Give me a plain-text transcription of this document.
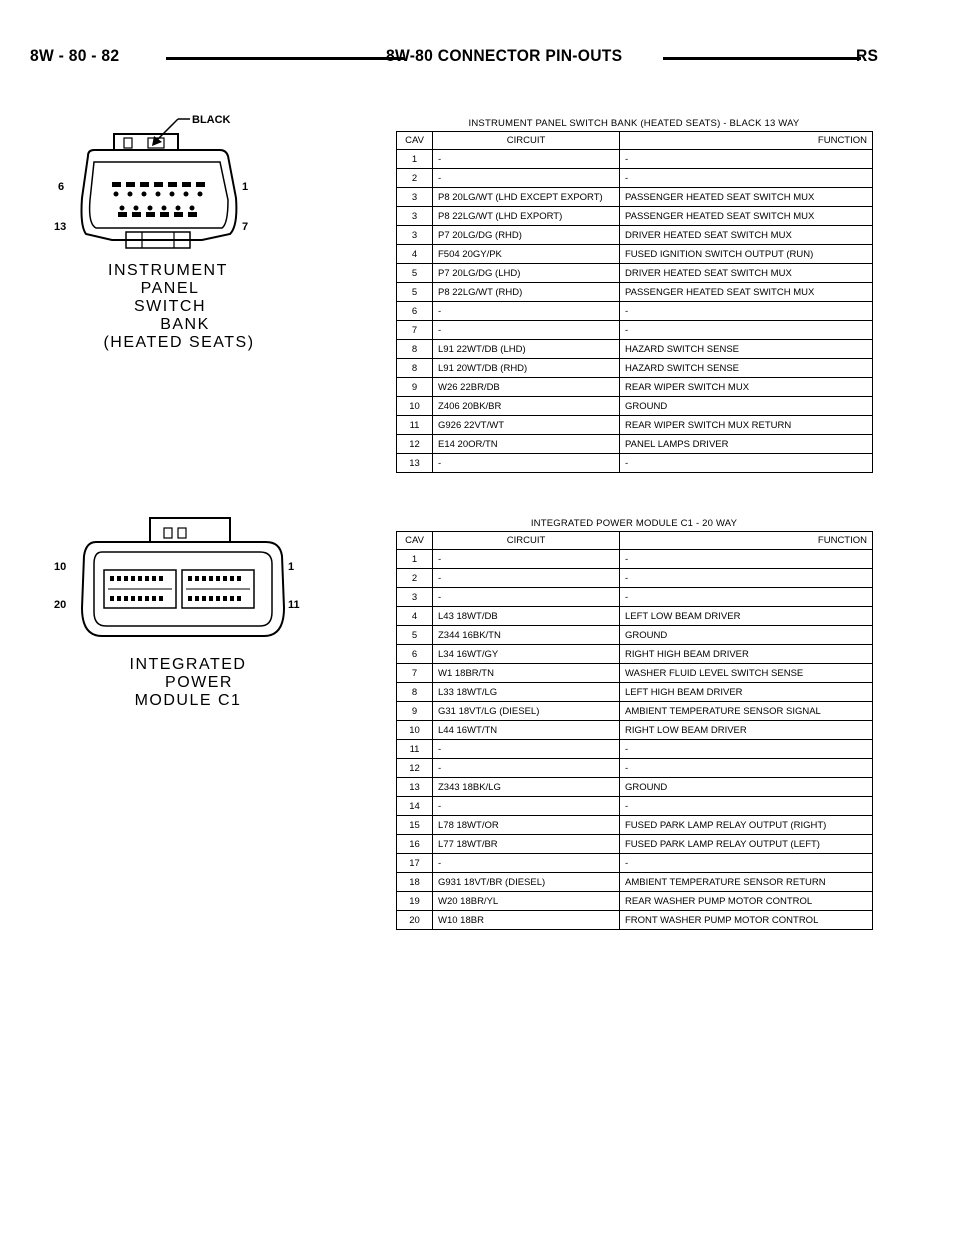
8W - 80 - 82	8W-80 CONNECTOR PIN-OUTS	RS
BLACK
6
13
1
7
INSTRUMENT
PANEL
SWITCH
BANK
(HEATED SEATS)
INSTRUMENT PANEL SWITCH BANK (HEATED SEATS) - BLACK 13 WAY
CAV	CIRCUIT	FUNCTION
1	-	-
2	-	-
3	P8 20LG/WT (LHD EXCEPT EXPORT)	PASSENGER HEATED SEAT SWITCH MUX
3	P8 22LG/WT (LHD EXPORT)	PASSENGER HEATED SEAT SWITCH MUX
3	P7 20LG/DG (RHD)	DRIVER HEATED SEAT SWITCH MUX
4	F504 20GY/PK	FUSED IGNITION SWITCH OUTPUT (RUN)
5	P7 20LG/DG (LHD)	DRIVER HEATED SEAT SWITCH MUX
5	P8 22LG/WT (RHD)	PASSENGER HEATED SEAT SWITCH MUX
6	-	-
7	-	-
8	L91 22WT/DB (LHD)	HAZARD SWITCH SENSE
8	L91 20WT/DB (RHD)	HAZARD SWITCH SENSE
9	W26 22BR/DB	REAR WIPER SWITCH MUX
10	Z406 20BK/BR	GROUND
11	G926 22VT/WT	REAR WIPER SWITCH MUX RETURN
12	E14 20OR/TN	PANEL LAMPS DRIVER
13	-	-
10
20
1
11
INTEGRATED
POWER
MODULE C1
INTEGRATED POWER MODULE C1 - 20 WAY
CAV	CIRCUIT	FUNCTION
1	-	-
2	-	-
3	-	-
4	L43 18WT/DB	LEFT LOW BEAM DRIVER
5	Z344 16BK/TN	GROUND
6	L34 16WT/GY	RIGHT HIGH BEAM DRIVER
7	W1 18BR/TN	WASHER FLUID LEVEL SWITCH SENSE
8	L33 18WT/LG	LEFT HIGH BEAM DRIVER
9	G31 18VT/LG (DIESEL)	AMBIENT TEMPERATURE SENSOR SIGNAL
10	L44 16WT/TN	RIGHT LOW BEAM DRIVER
11	-	-
12	-	-
13	Z343 18BK/LG	GROUND
14	-	-
15	L78 18WT/OR	FUSED PARK LAMP RELAY OUTPUT (RIGHT)
16	L77 18WT/BR	FUSED PARK LAMP RELAY OUTPUT (LEFT)
17	-	-
18	G931 18VT/BR (DIESEL)	AMBIENT TEMPERATURE SENSOR RETURN
19	W20 18BR/YL	REAR WASHER PUMP MOTOR CONTROL
20	W10 18BR	FRONT WASHER PUMP MOTOR CONTROL
